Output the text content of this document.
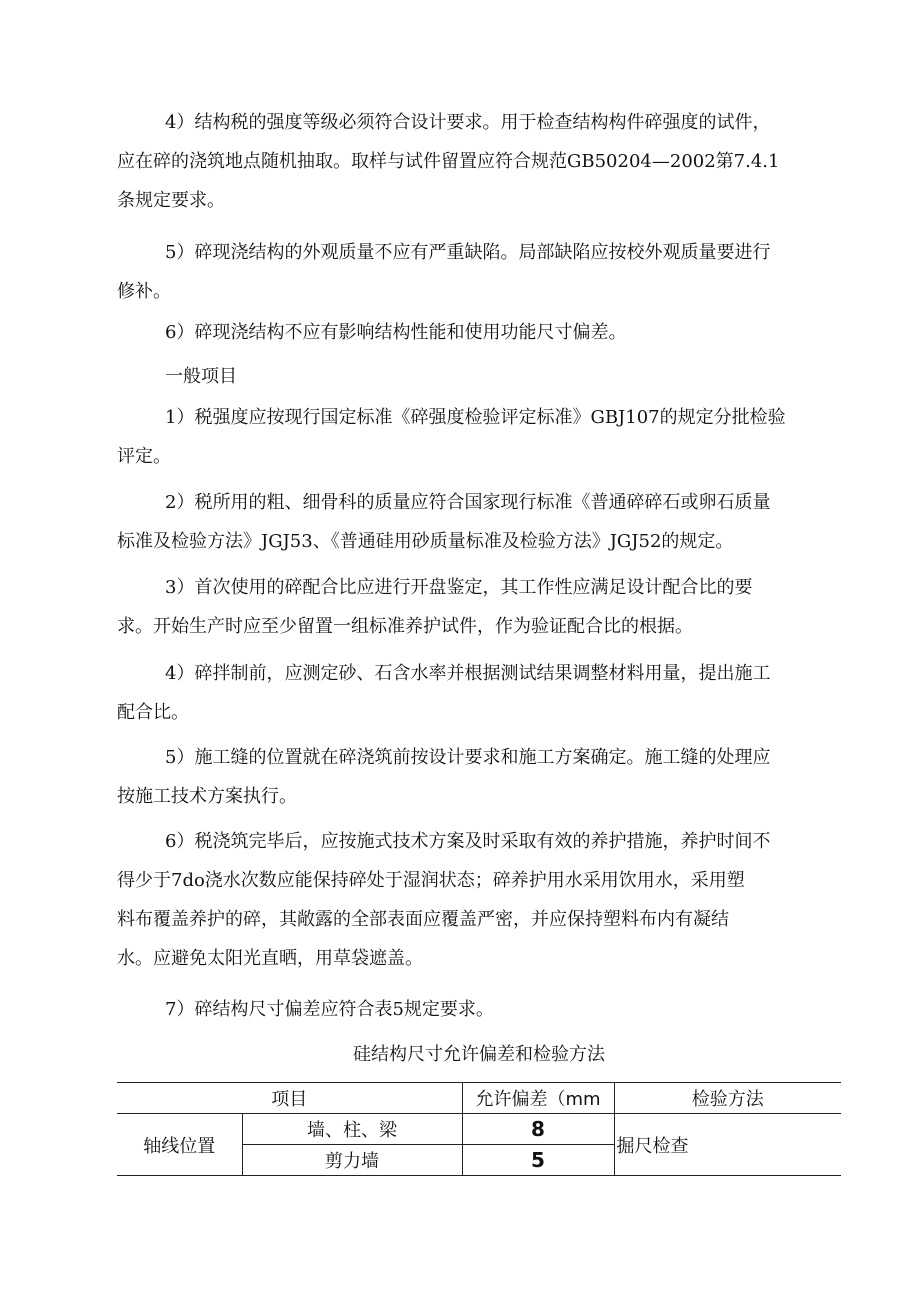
4）结构税的强度等级必须符合设计要求。用于检查结构构件碎强度的试件，
应在碎的浇筑地点随机抽取。取样与试件留置应符合规范GB50204—2002第7.4.1
条规定要求。

5）碎现浇结构的外观质量不应有严重缺陷。局部缺陷应按校外观质量要进行
修补。

6）碎现浇结构不应有影响结构性能和使用功能尺寸偏差。

一般项目

1）税强度应按现行国定标准《碎强度检验评定标准》GBJ107的规定分批检验
评定。

2）税所用的粗、细骨科的质量应符合国家现行标准《普通碎碎石或卵石质量
标准及检验方法》JGJ53、《普通硅用砂质量标准及检验方法》JGJ52的规定。

3）首次使用的碎配合比应进行开盘鉴定，其工作性应满足设计配合比的要
求。开始生产时应至少留置一组标准养护试件，作为验证配合比的根据。

4）碎拌制前，应测定砂、石含水率并根据测试结果调整材料用量，提出施工
配合比。

5）施工缝的位置就在碎浇筑前按设计要求和施工方案确定。施工缝的处理应
按施工技术方案执行。

6）税浇筑完毕后，应按施式技术方案及时采取有效的养护措施，养护时间不
得少于7do浇水次数应能保持碎处于湿润状态；碎养护用水采用饮用水，采用塑
料布覆盖养护的碎，其敞露的全部表面应覆盖严密，并应保持塑料布内有凝结
水。应避免太阳光直晒，用草袋遮盖。

7）碎结构尺寸偏差应符合表5规定要求。

硅结构尺寸允许偏差和检验方法
项目		允许偏差（mm	检验方法
轴线位置	墙、柱、梁	8	掘尺检查
	剪力墙	5	
